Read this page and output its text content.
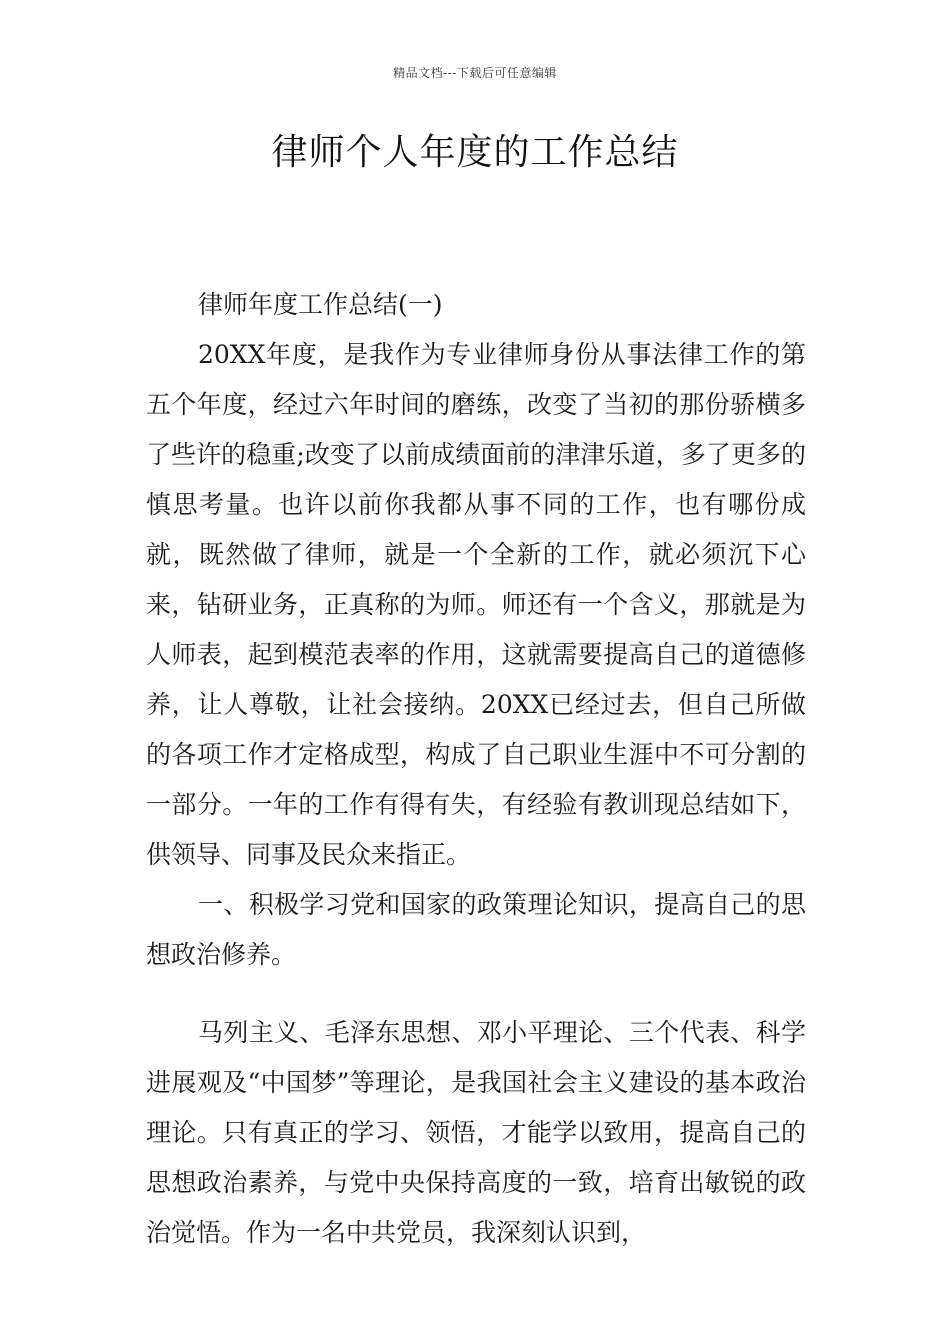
精品文档---下载后可任意编辑
律师个人年度的工作总结

律师年度工作总结(一)

20XX年度，是我作为专业律师身份从事法律工作的第五个年度，经过六年时间的磨练，改变了当初的那份骄横多了些许的稳重;改变了以前成绩面前的津津乐道，多了更多的慎思考量。也许以前你我都从事不同的工作，也有哪份成就，既然做了律师，就是一个全新的工作，就必须沉下心来，钻研业务，正真称的为师。师还有一个含义，那就是为人师表，起到模范表率的作用，这就需要提高自己的道德修养，让人尊敬，让社会接纳。20XX已经过去，但自己所做的各项工作才定格成型，构成了自己职业生涯中不可分割的一部分。一年的工作有得有失，有经验有教训现总结如下，供领导、同事及民众来指正。

一、积极学习党和国家的政策理论知识，提高自己的思想政治修养。

马列主义、毛泽东思想、邓小平理论、三个代表、科学进展观及“中国梦”等理论，是我国社会主义建设的基本政治理论。只有真正的学习、领悟，才能学以致用，提高自己的思想政治素养，与党中央保持高度的一致，培育出敏锐的政治觉悟。作为一名中共党员，我深刻认识到，
